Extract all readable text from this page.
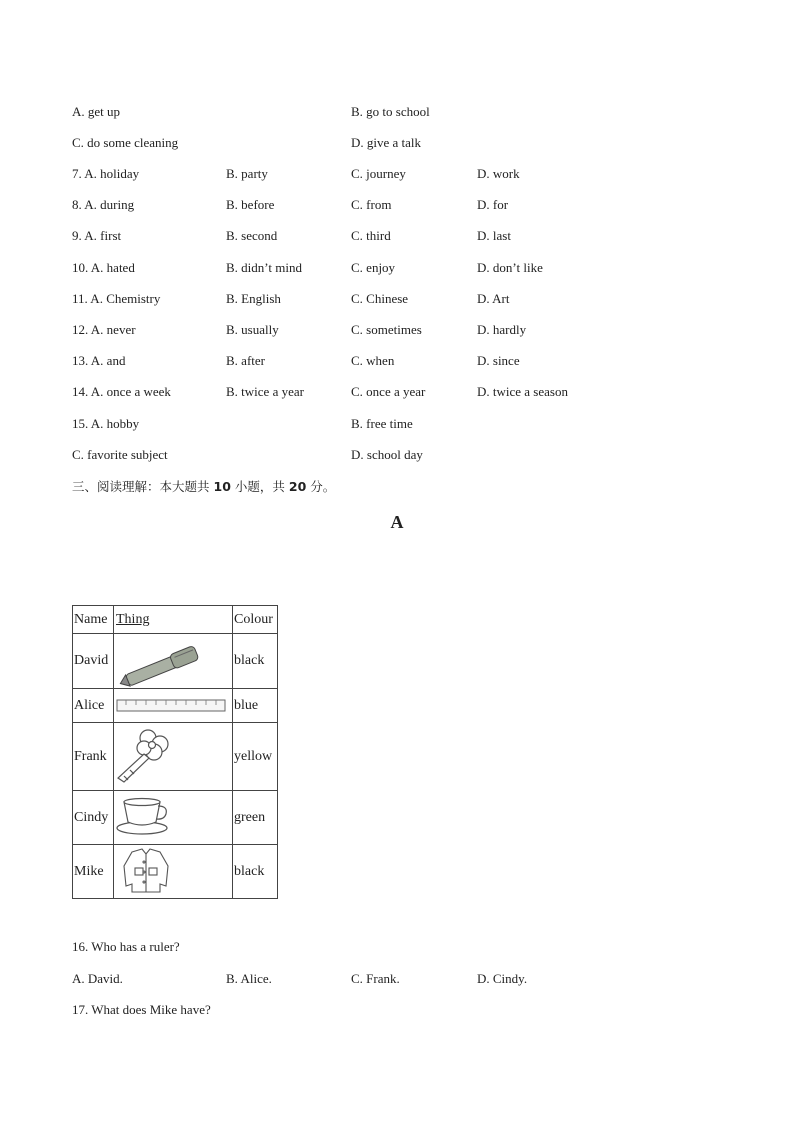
A. get up	B. go to school
C. do some cleaning	D. give a talk
7. A. holiday	B. party	C. journey	D. work
8. A. during	B. before	C. from	D. for
9. A. first	B. second	C. third	D. last
10. A. hated	B. didn’t mind	C. enjoy	D. don’t like
11. A. Chemistry	B. English	C. Chinese	D. Art
12. A. never	B. usually	C. sometimes	D. hardly
13. A. and	B. after	C. when	D. since
14. A. once a week	B. twice a year	C. once a year	D. twice a season
15. A. hobby	B. free time
C. favorite subject	D. school day
三、阅读理解：本大题共 10 小题，共 20 分。
A
Name	Thing	Colour
David		black
Alice		blue
Frank		yellow
Cindy		green
Mike		black
16. Who has a ruler?
A. David.	B. Alice.	C. Frank.	D. Cindy.
17. What does Mike have?
